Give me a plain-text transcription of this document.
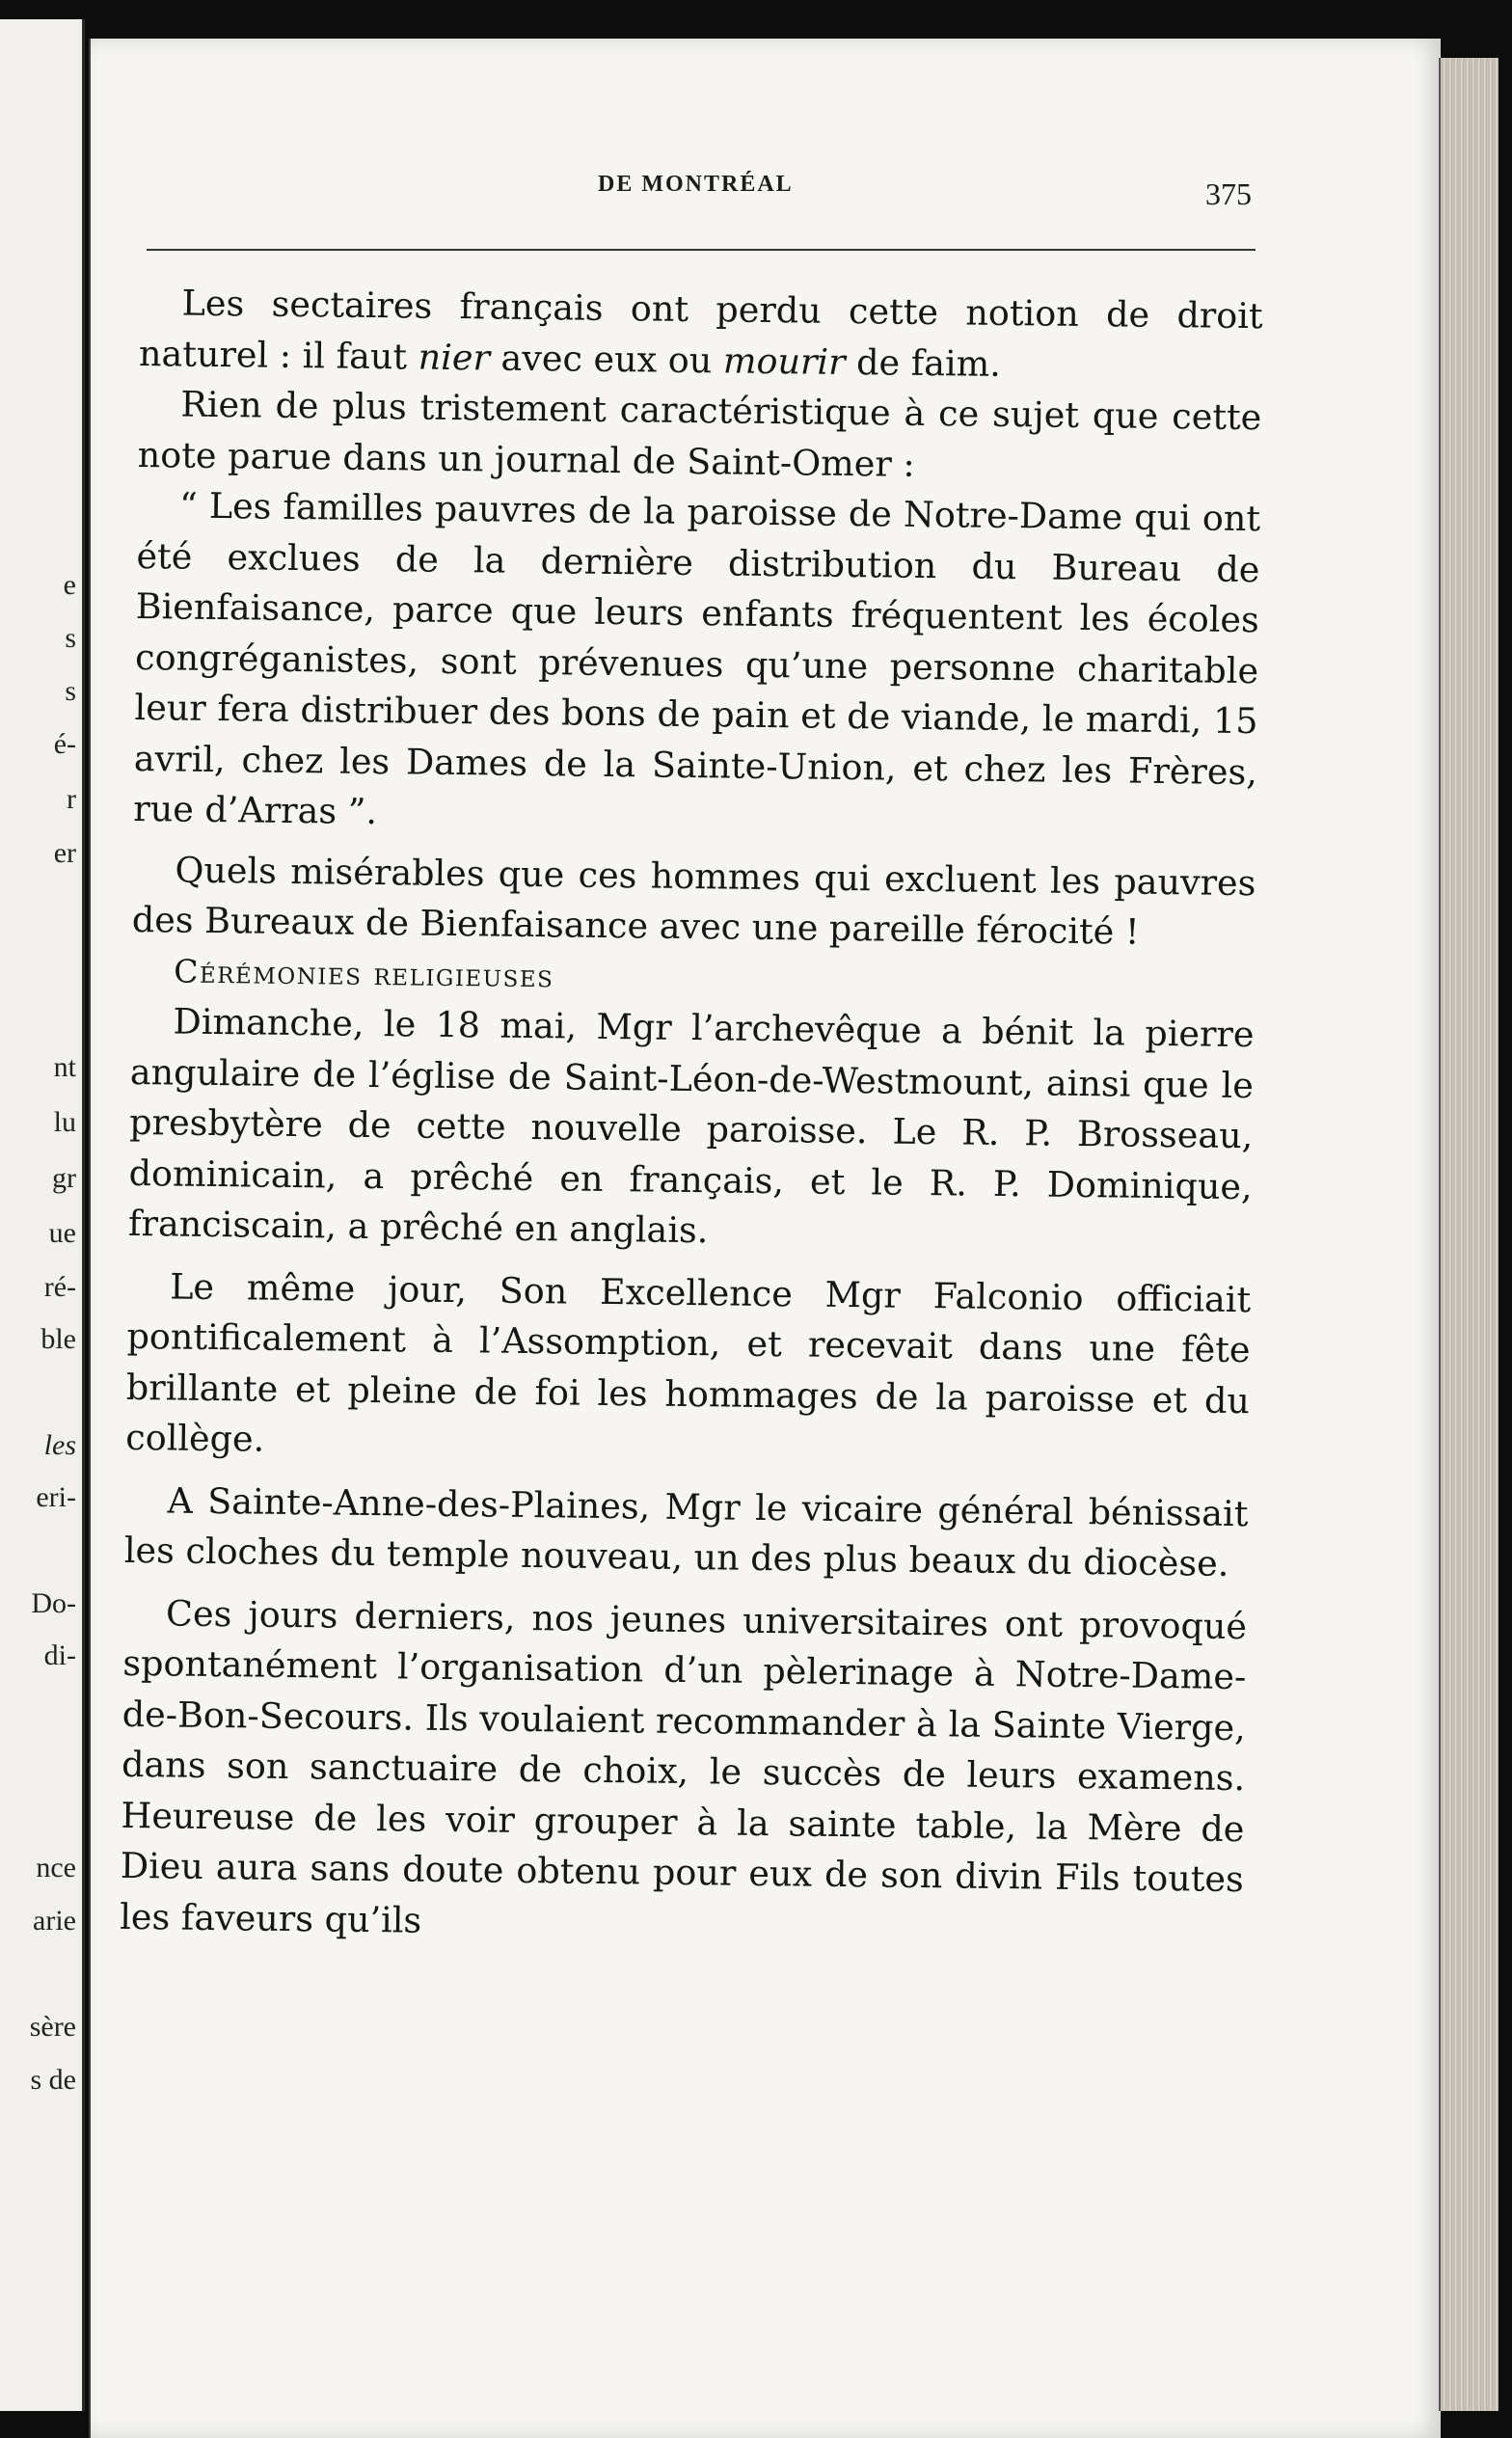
e
s
s
é-
r
er
nt
lu
gr
ue
ré-
ble
les
eri-
Do-
di-
nce
arie
sère
s de
DE MONTRÉAL	375

Les sectaires français ont perdu cette notion de droit naturel : il faut nier avec eux ou mourir de faim.

Rien de plus tristement caractéristique à ce sujet que cette note parue dans un journal de Saint-Omer :

“ Les familles pauvres de la paroisse de Notre-Dame qui ont été exclues de la dernière distribution du Bureau de Bienfaisance, parce que leurs enfants fréquentent les écoles congréganistes, sont prévenues qu’une personne charitable leur fera distribuer des bons de pain et de viande, le mardi, 15 avril, chez les Dames de la Sainte-Union, et chez les Frères, rue d’Arras ”.

Quels misérables que ces hommes qui excluent les pauvres des Bureaux de Bienfaisance avec une pareille férocité !

Cérémonies religieuses

Dimanche, le 18 mai, Mgr l’archevêque a bénit la pierre angulaire de l’église de Saint-Léon-de-Westmount, ainsi que le presbytère de cette nouvelle paroisse. Le R. P. Brosseau, dominicain, a prêché en français, et le R. P. Dominique, franciscain, a prêché en anglais.

Le même jour, Son Excellence Mgr Falconio officiait pontificalement à l’Assomption, et recevait dans une fête brillante et pleine de foi les hommages de la paroisse et du collège.

A Sainte-Anne-des-Plaines, Mgr le vicaire général bénissait les cloches du temple nouveau, un des plus beaux du diocèse.

Ces jours derniers, nos jeunes universitaires ont provoqué spontanément l’organisation d’un pèlerinage à Notre-Dame-de-Bon-Secours. Ils voulaient recommander à la Sainte Vierge, dans son sanctuaire de choix, le succès de leurs examens. Heureuse de les voir grouper à la sainte table, la Mère de Dieu aura sans doute obtenu pour eux de son divin Fils toutes les faveurs qu’ils
